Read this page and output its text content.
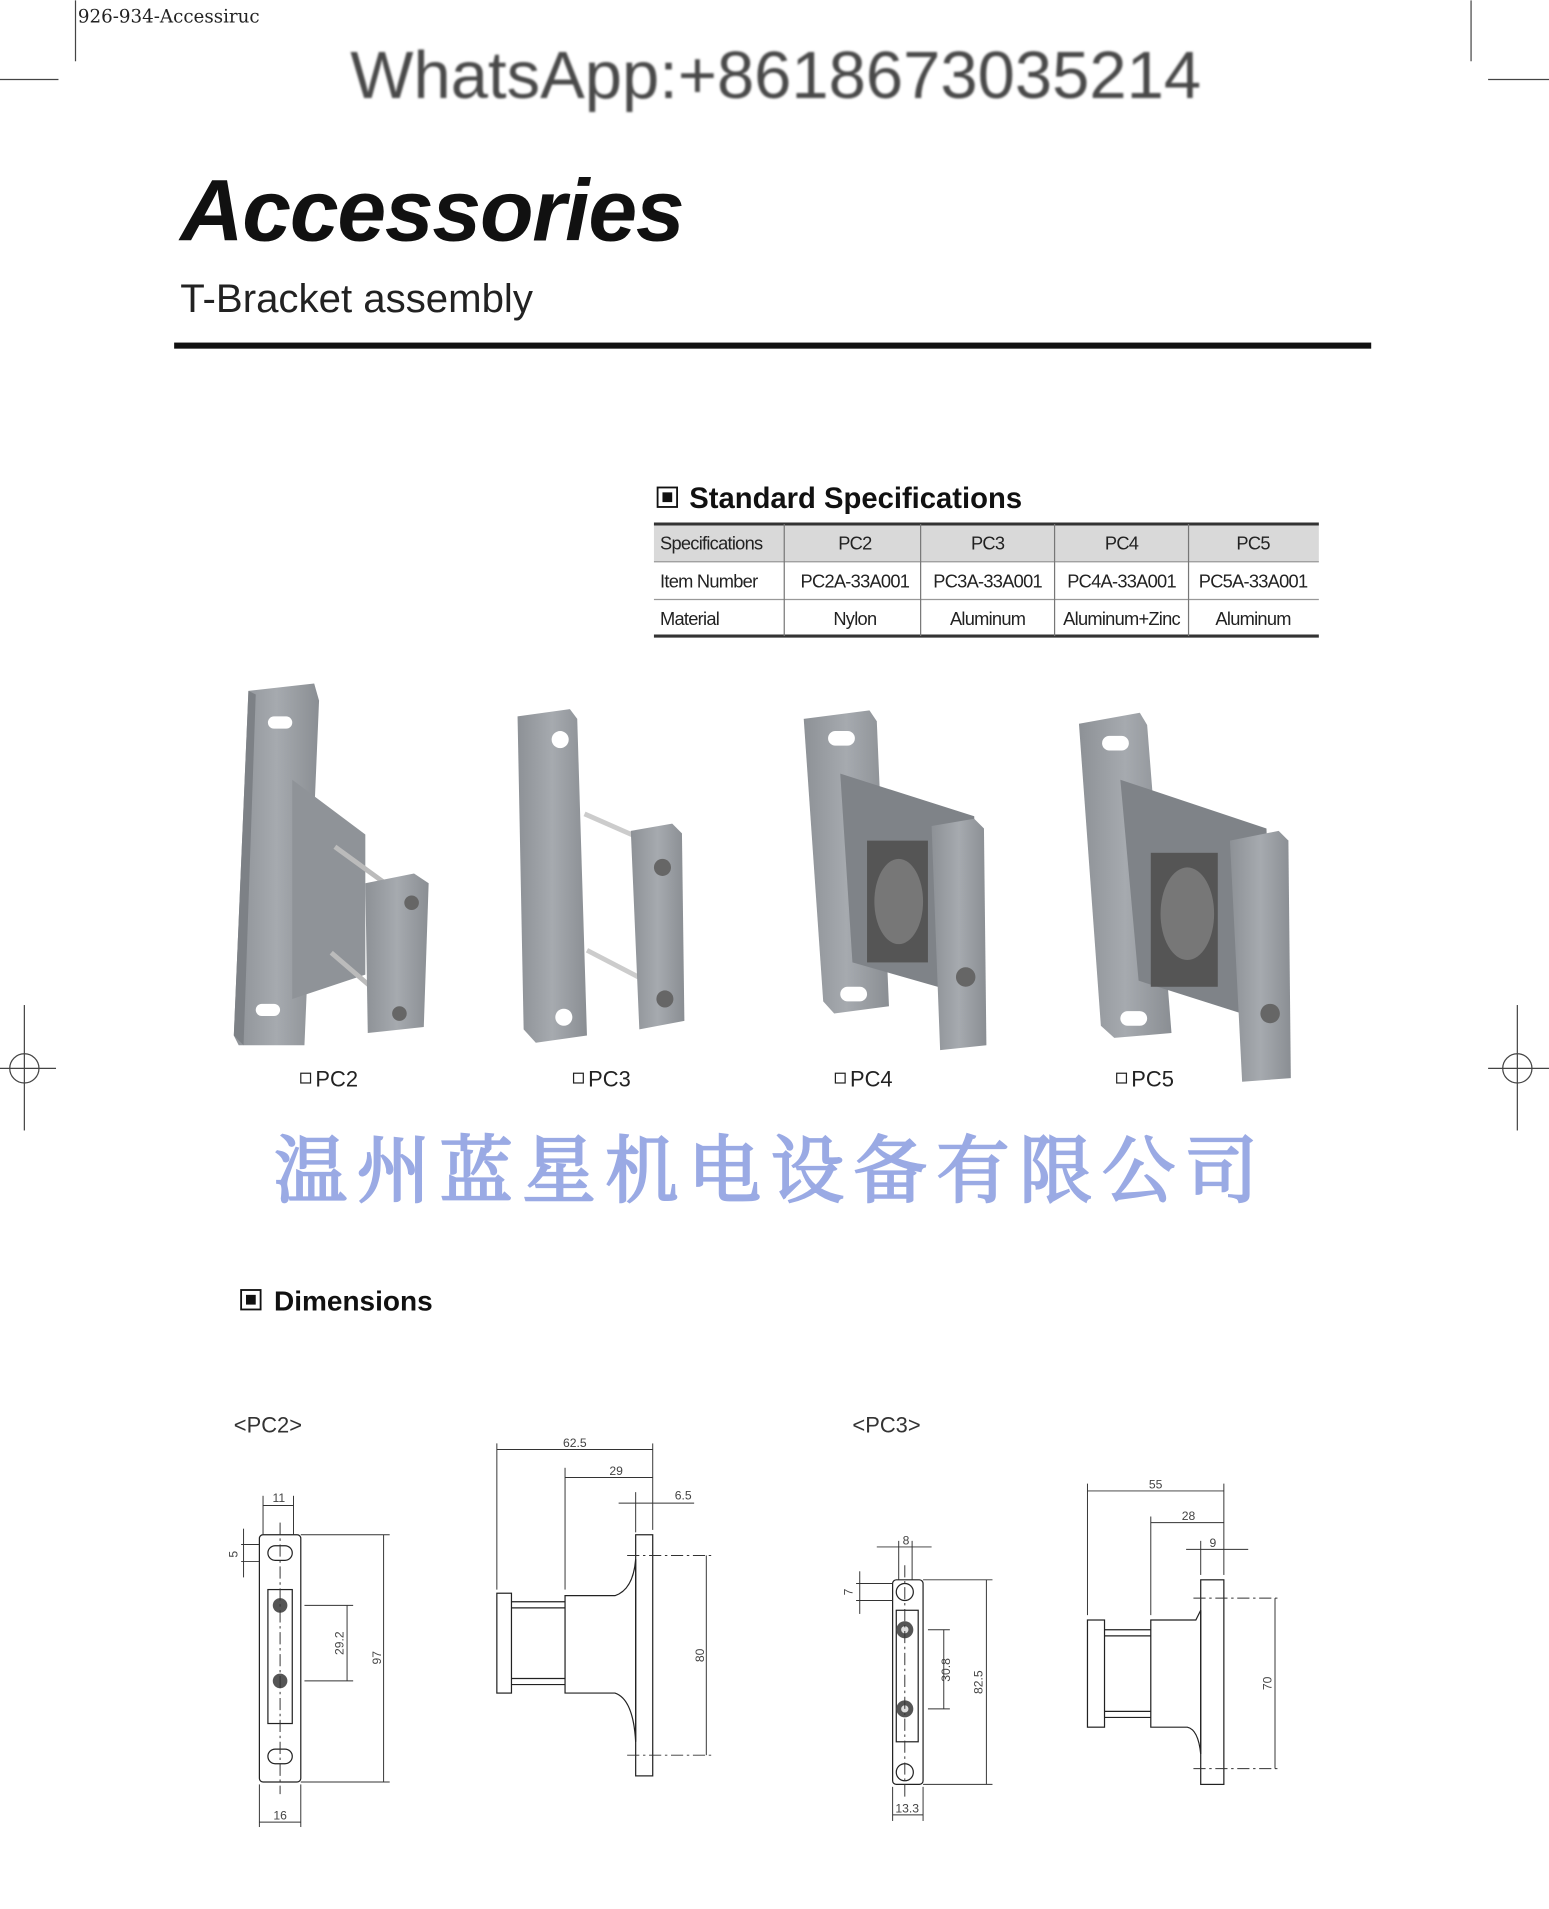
926-934-Accessiruc
WhatsApp:+8618673035214
Accessories
T-Bracket assembly
Standard Specifications
Specifications	PC2	PC3	PC4	PC5
Item Number	PC2A-33A001 PC3A-33A001 PC4A-33A001 PC5A-33A001
Material	Nylon	Aluminum	Aluminum+Zinc Aluminum
PC2	PC3	PC4	PC5
温州蓝星机电设备有限公司
Dimensions
<PC2>	<PC3>
11
5
29.2
97
16
62.5
29
6.5
80
8
7
30.8
82.5
13.3
55
28
9
70
